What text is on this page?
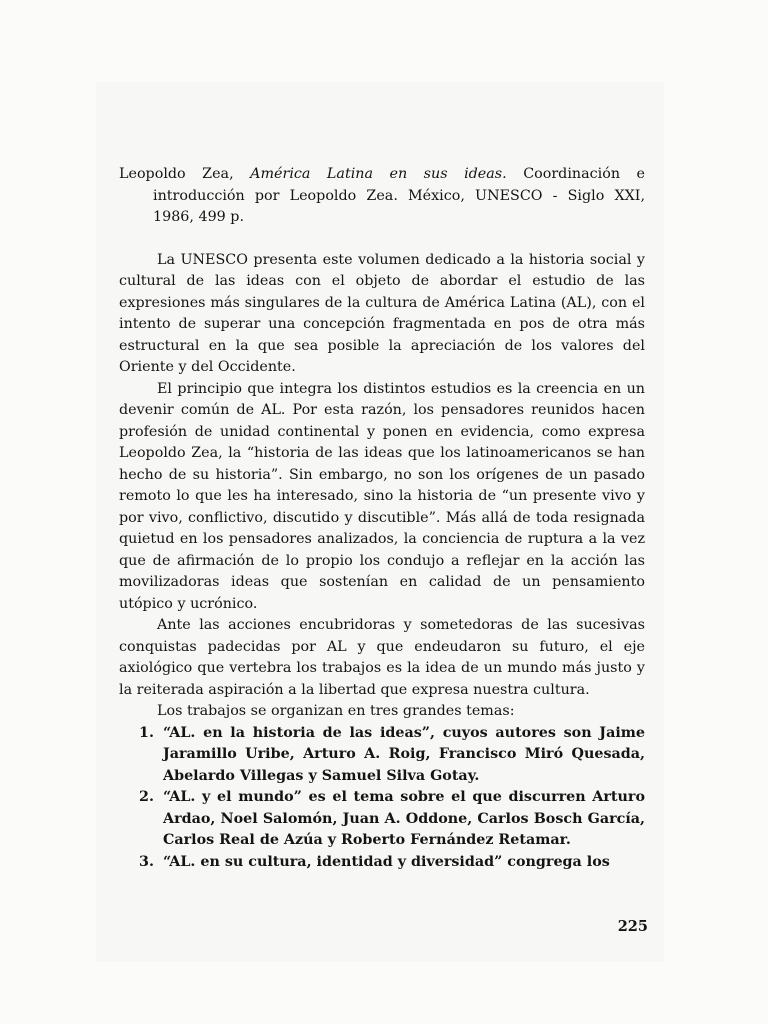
Leopoldo Zea, América Latina en sus ideas. Coordinación e introducción por Leopoldo Zea. México, UNESCO - Siglo XXI, 1986, 499 p.

La UNESCO presenta este volumen dedicado a la historia social y cultural de las ideas con el objeto de abordar el estudio de las expresiones más singulares de la cultura de América Latina (AL), con el intento de superar una concepción fragmentada en pos de otra más estructural en la que sea posible la apreciación de los valores del Oriente y del Occidente.

El principio que integra los distintos estudios es la creencia en un devenir común de AL. Por esta razón, los pensadores reunidos hacen profesión de unidad continental y ponen en evidencia, como expresa Leopoldo Zea, la “historia de las ideas que los latinoamericanos se han hecho de su historia”. Sin embargo, no son los orígenes de un pasado remoto lo que les ha interesado, sino la historia de “un presente vivo y por vivo, conflictivo, discutido y discutible”. Más allá de toda resignada quietud en los pensadores analizados, la conciencia de ruptura a la vez que de afirmación de lo propio los condujo a reflejar en la acción las movilizadoras ideas que sostenían en calidad de un pensamiento utópico y ucrónico.

Ante las acciones encubridoras y sometedoras de las sucesivas conquistas padecidas por AL y que endeudaron su futuro, el eje axiológico que vertebra los trabajos es la idea de un mundo más justo y la reiterada aspiración a la libertad que expresa nuestra cultura.

Los trabajos se organizan en tres grandes temas:

1. “AL. en la historia de las ideas”, cuyos autores son Jaime Jaramillo Uribe, Arturo A. Roig, Francisco Miró Quesada, Abelardo Villegas y Samuel Silva Gotay.
2. “AL. y el mundo” es el tema sobre el que discurren Arturo Ardao, Noel Salomón, Juan A. Oddone, Carlos Bosch García, Carlos Real de Azúa y Roberto Fernández Retamar.
3. “AL. en su cultura, identidad y diversidad” congrega los
225
